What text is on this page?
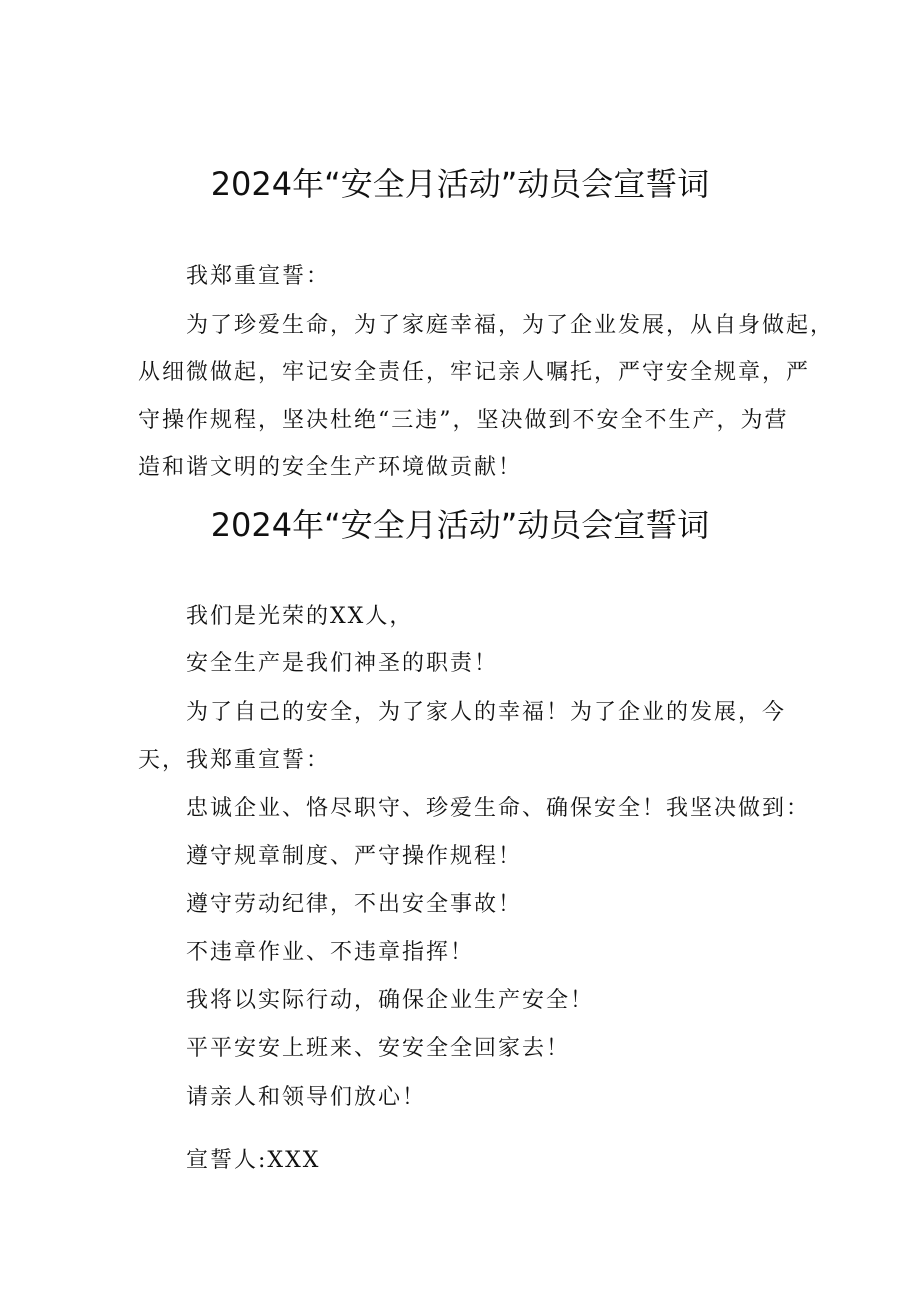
2024年“安全月活动”动员会宣誓词
我郑重宣誓：
为了珍爱生命，为了家庭幸福，为了企业发展，从自身做起，
从细微做起，牢记安全责任，牢记亲人嘱托，严守安全规章，严
守操作规程，坚决杜绝“三违”，坚决做到不安全不生产，为营
造和谐文明的安全生产环境做贡献！
2024年“安全月活动”动员会宣誓词
我们是光荣的XX人，
安全生产是我们神圣的职责！
为了自己的安全，为了家人的幸福！为了企业的发展，今
天，我郑重宣誓：
忠诚企业、恪尽职守、珍爱生命、确保安全！我坚决做到：
遵守规章制度、严守操作规程！
遵守劳动纪律，不出安全事故！
不违章作业、不违章指挥！
我将以实际行动，确保企业生产安全！
平平安安上班来、安安全全回家去！
请亲人和领导们放心！
宣誓人:XXX
